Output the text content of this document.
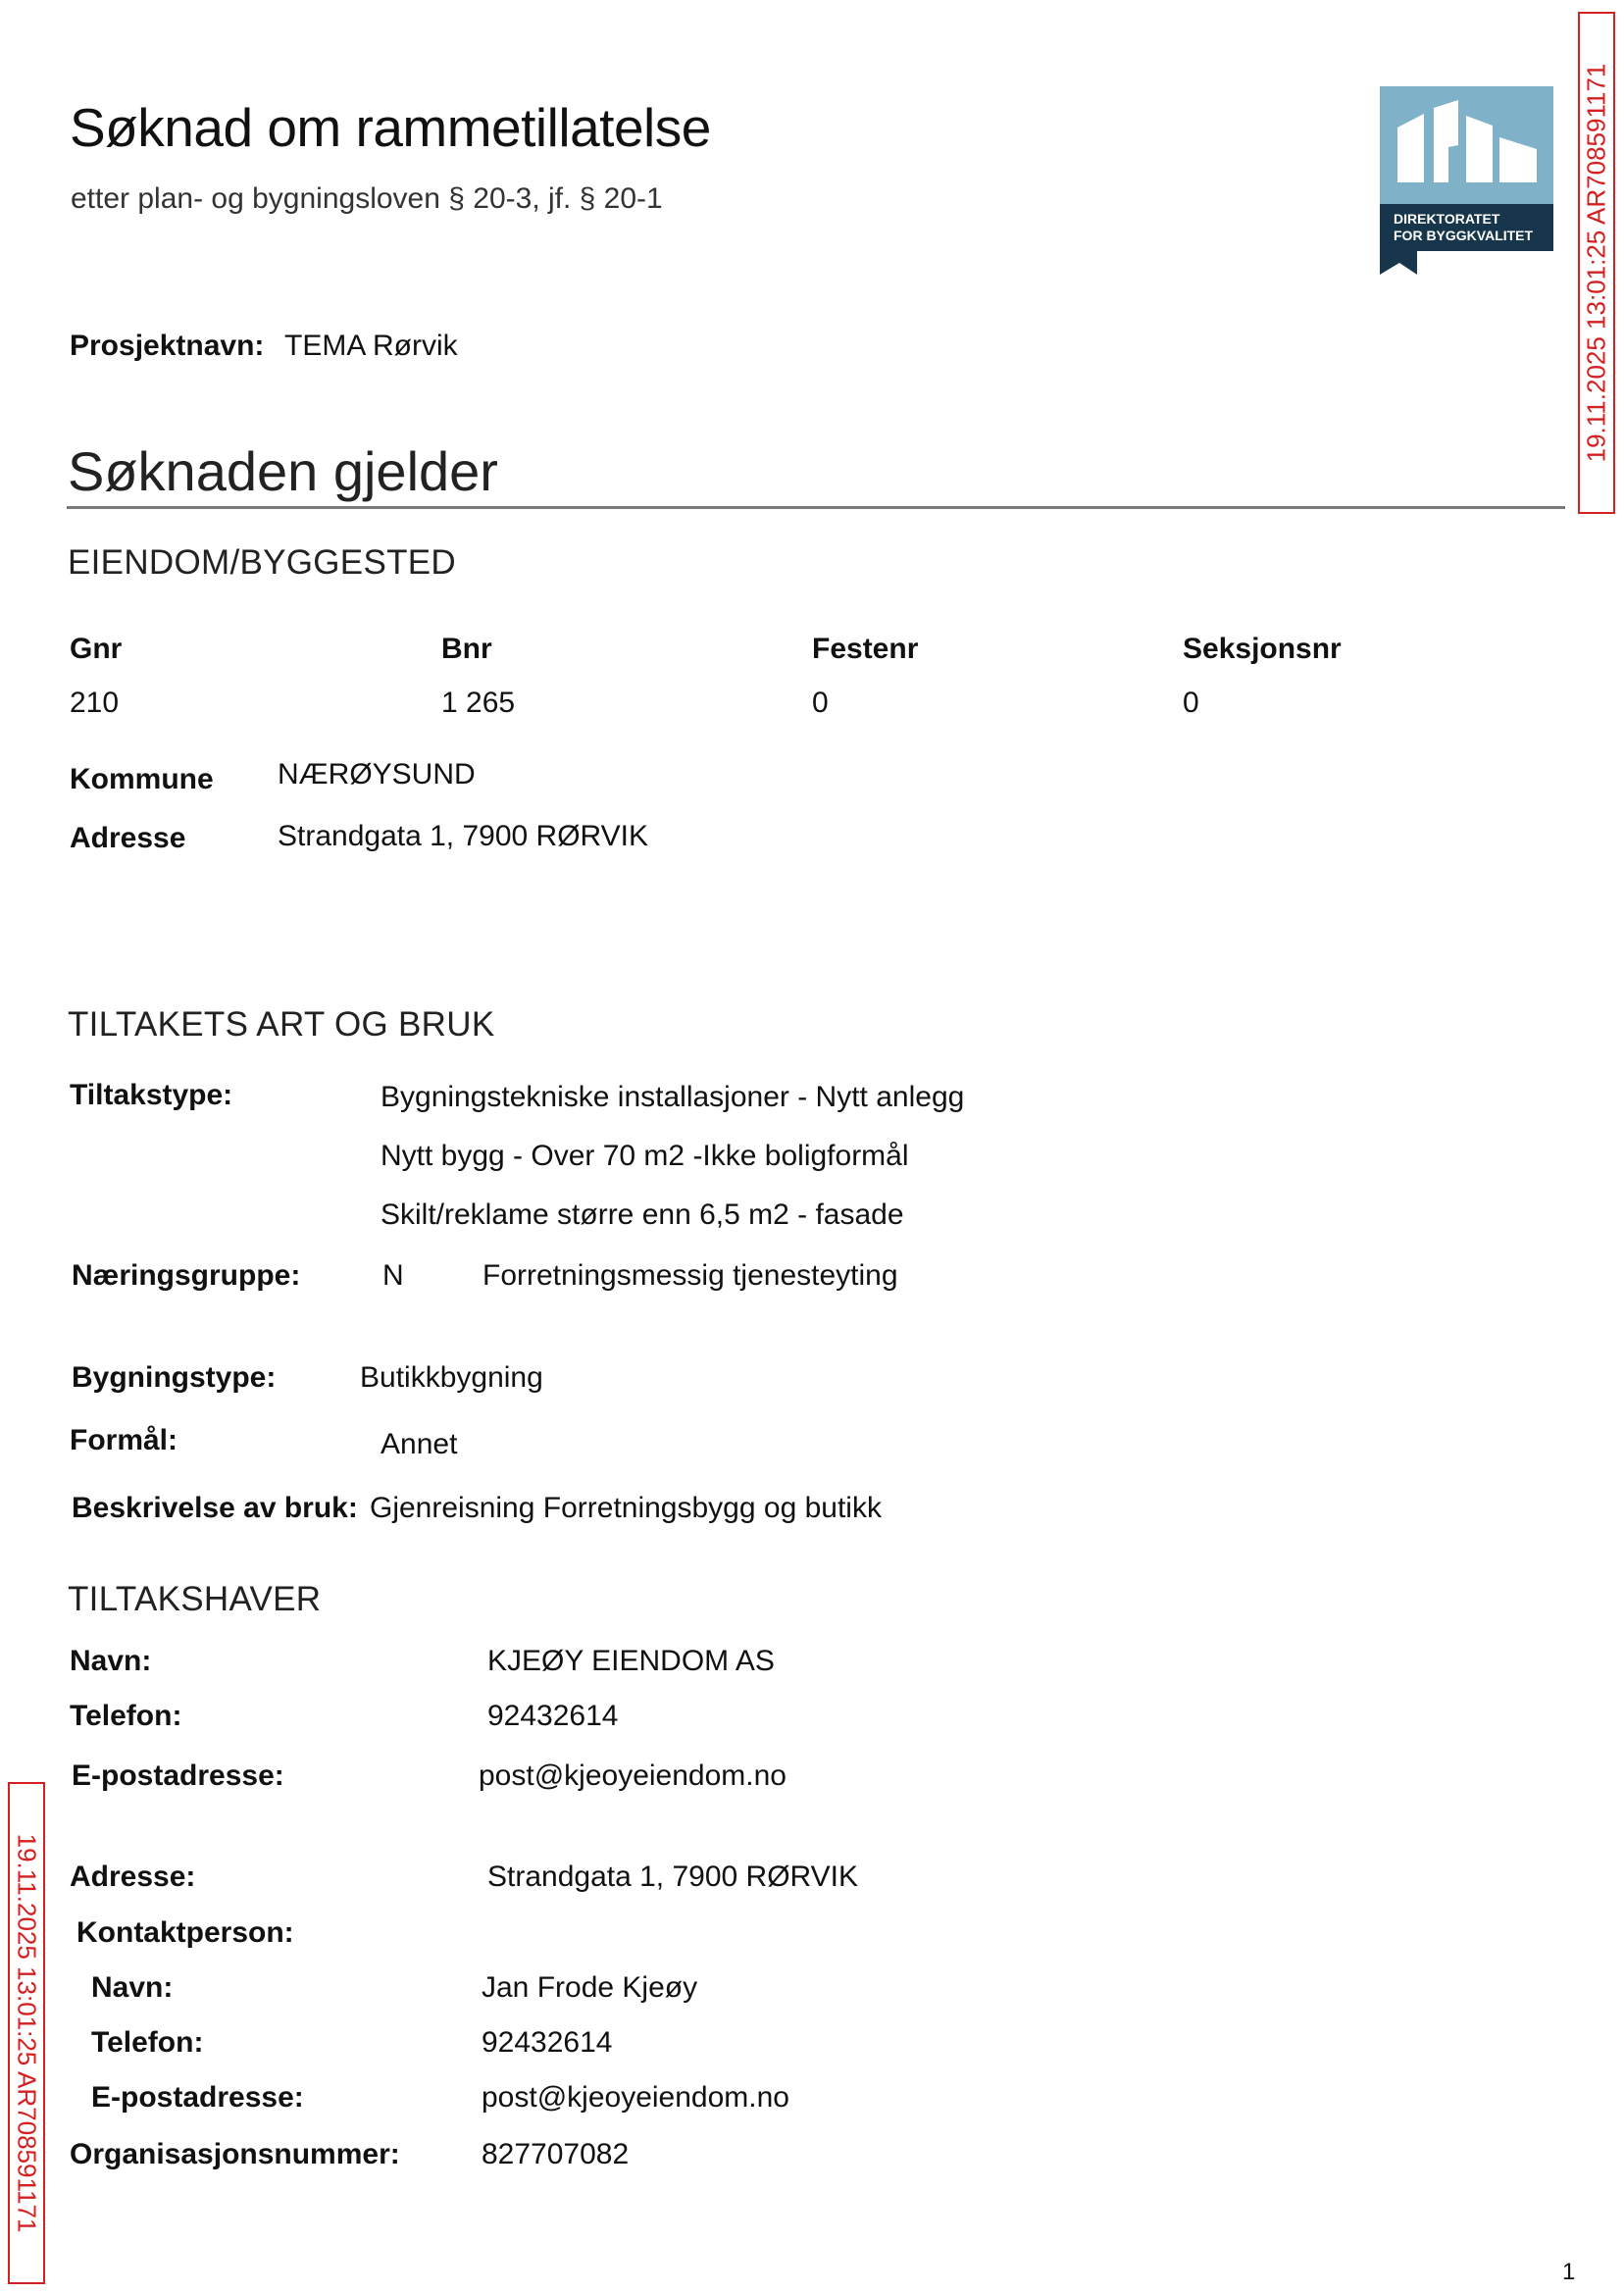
Søknad om rammetillatelse
etter plan- og bygningsloven § 20-3, jf. § 20-1
DIREKTORATET
FOR BYGGKVALITET 19.11.2025 13:01:25 AR708591171
19.11.2025 13:01:25 AR708591171
Prosjektnavn: TEMA Rørvik
Søknaden gjelder
EIENDOM/BYGGESTED
Gnr	Bnr	Festenr	Seksjonsnr
210	1 265	0	0
Kommune NÆRØYSUND
Adresse	Strandgata 1, 7900 RØRVIK
TILTAKETS ART OG BRUK
Tiltakstype:	Bygningstekniske installasjoner - Nytt anlegg
Nytt bygg - Over 70 m2 -Ikke boligformål
Skilt/reklame større enn 6,5 m2 - fasade
Næringsgruppe:	N	Forretningsmessig tjenesteyting
Bygningstype:	Butikkbygning
Formål:	Annet
Beskrivelse av bruk: Gjenreisning Forretningsbygg og butikk
TILTAKSHAVER
Navn:	KJEØY EIENDOM AS
Telefon:	92432614
E-postadresse:	post@kjeoyeiendom.no
Adresse:	Strandgata 1, 7900 RØRVIK
Kontaktperson:
Navn:	Jan Frode Kjeøy
Telefon:	92432614
E-postadresse:	post@kjeoyeiendom.no
Organisasjonsnummer:	827707082
1
